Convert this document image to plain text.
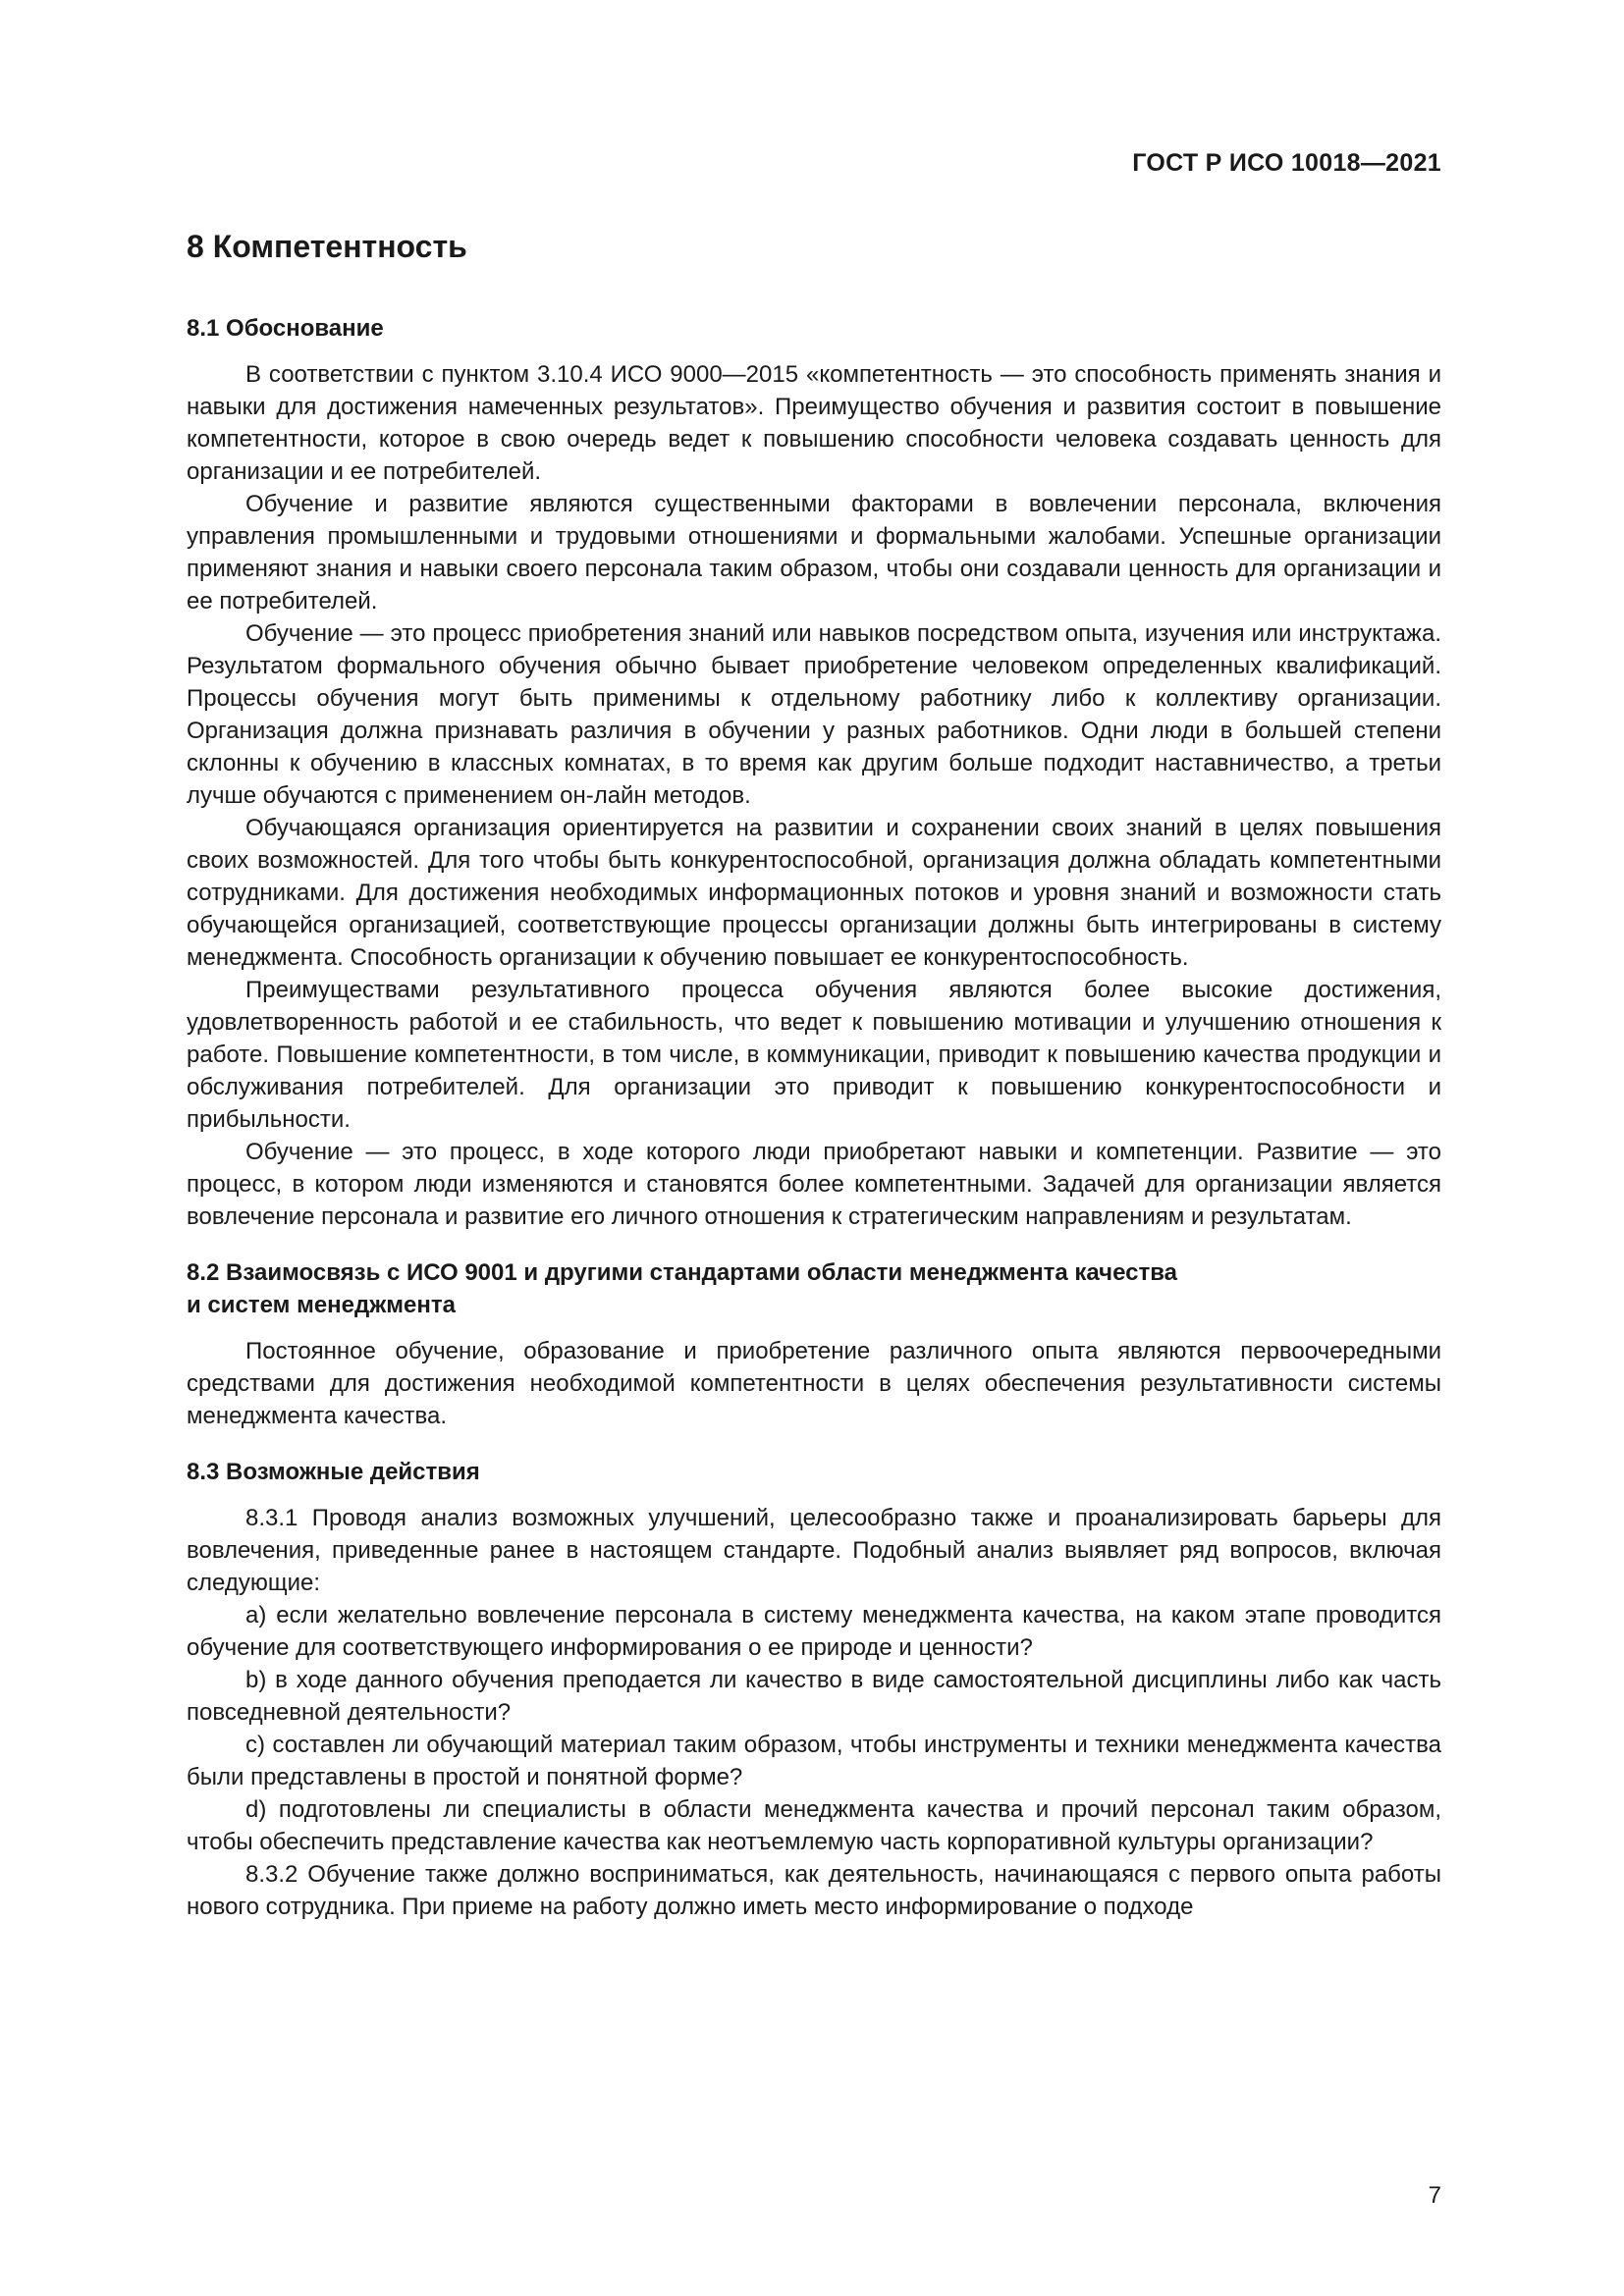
ГОСТ Р ИСО 10018—2021
8 Компетентность
8.1 Обоснование

В соответствии с пунктом 3.10.4 ИСО 9000—2015 «компетентность — это способность применять знания и навыки для достижения намеченных результатов». Преимущество обучения и развития состоит в повышение компетентности, которое в свою очередь ведет к повышению способности человека создавать ценность для организации и ее потребителей.

Обучение и развитие являются существенными факторами в вовлечении персонала, включения управления промышленными и трудовыми отношениями и формальными жалобами. Успешные организации применяют знания и навыки своего персонала таким образом, чтобы они создавали ценность для организации и ее потребителей.

Обучение — это процесс приобретения знаний или навыков посредством опыта, изучения или инструктажа. Результатом формального обучения обычно бывает приобретение человеком определенных квалификаций. Процессы обучения могут быть применимы к отдельному работнику либо к коллективу организации. Организация должна признавать различия в обучении у разных работников. Одни люди в большей степени склонны к обучению в классных комнатах, в то время как другим больше подходит наставничество, а третьи лучше обучаются с применением он-лайн методов.

Обучающаяся организация ориентируется на развитии и сохранении своих знаний в целях повышения своих возможностей. Для того чтобы быть конкурентоспособной, организация должна обладать компетентными сотрудниками. Для достижения необходимых информационных потоков и уровня знаний и возможности стать обучающейся организацией, соответствующие процессы организации должны быть интегрированы в систему менеджмента. Способность организации к обучению повышает ее конкурентоспособность.

Преимуществами результативного процесса обучения являются более высокие достижения, удовлетворенность работой и ее стабильность, что ведет к повышению мотивации и улучшению отношения к работе. Повышение компетентности, в том числе, в коммуникации, приводит к повышению качества продукции и обслуживания потребителей. Для организации это приводит к повышению конкурентоспособности и прибыльности.

Обучение — это процесс, в ходе которого люди приобретают навыки и компетенции. Развитие — это процесс, в котором люди изменяются и становятся более компетентными. Задачей для организации является вовлечение персонала и развитие его личного отношения к стратегическим направлениям и результатам.

8.2 Взаимосвязь с ИСО 9001 и другими стандартами области менеджмента качества
и систем менеджмента

Постоянное обучение, образование и приобретение различного опыта являются первоочередными средствами для достижения необходимой компетентности в целях обеспечения результативности системы менеджмента качества.

8.3 Возможные действия

8.3.1 Проводя анализ возможных улучшений, целесообразно также и проанализировать барьеры для вовлечения, приведенные ранее в настоящем стандарте. Подобный анализ выявляет ряд вопросов, включая следующие:

a) если желательно вовлечение персонала в систему менеджмента качества, на каком этапе проводится обучение для соответствующего информирования о ее природе и ценности?

b) в ходе данного обучения преподается ли качество в виде самостоятельной дисциплины либо как часть повседневной деятельности?

c) составлен ли обучающий материал таким образом, чтобы инструменты и техники менеджмента качества были представлены в простой и понятной форме?

d) подготовлены ли специалисты в области менеджмента качества и прочий персонал таким образом, чтобы обеспечить представление качества как неотъемлемую часть корпоративной культуры организации?

8.3.2 Обучение также должно восприниматься, как деятельность, начинающаяся с первого опыта работы нового сотрудника. При приеме на работу должно иметь место информирование о подходе

7
